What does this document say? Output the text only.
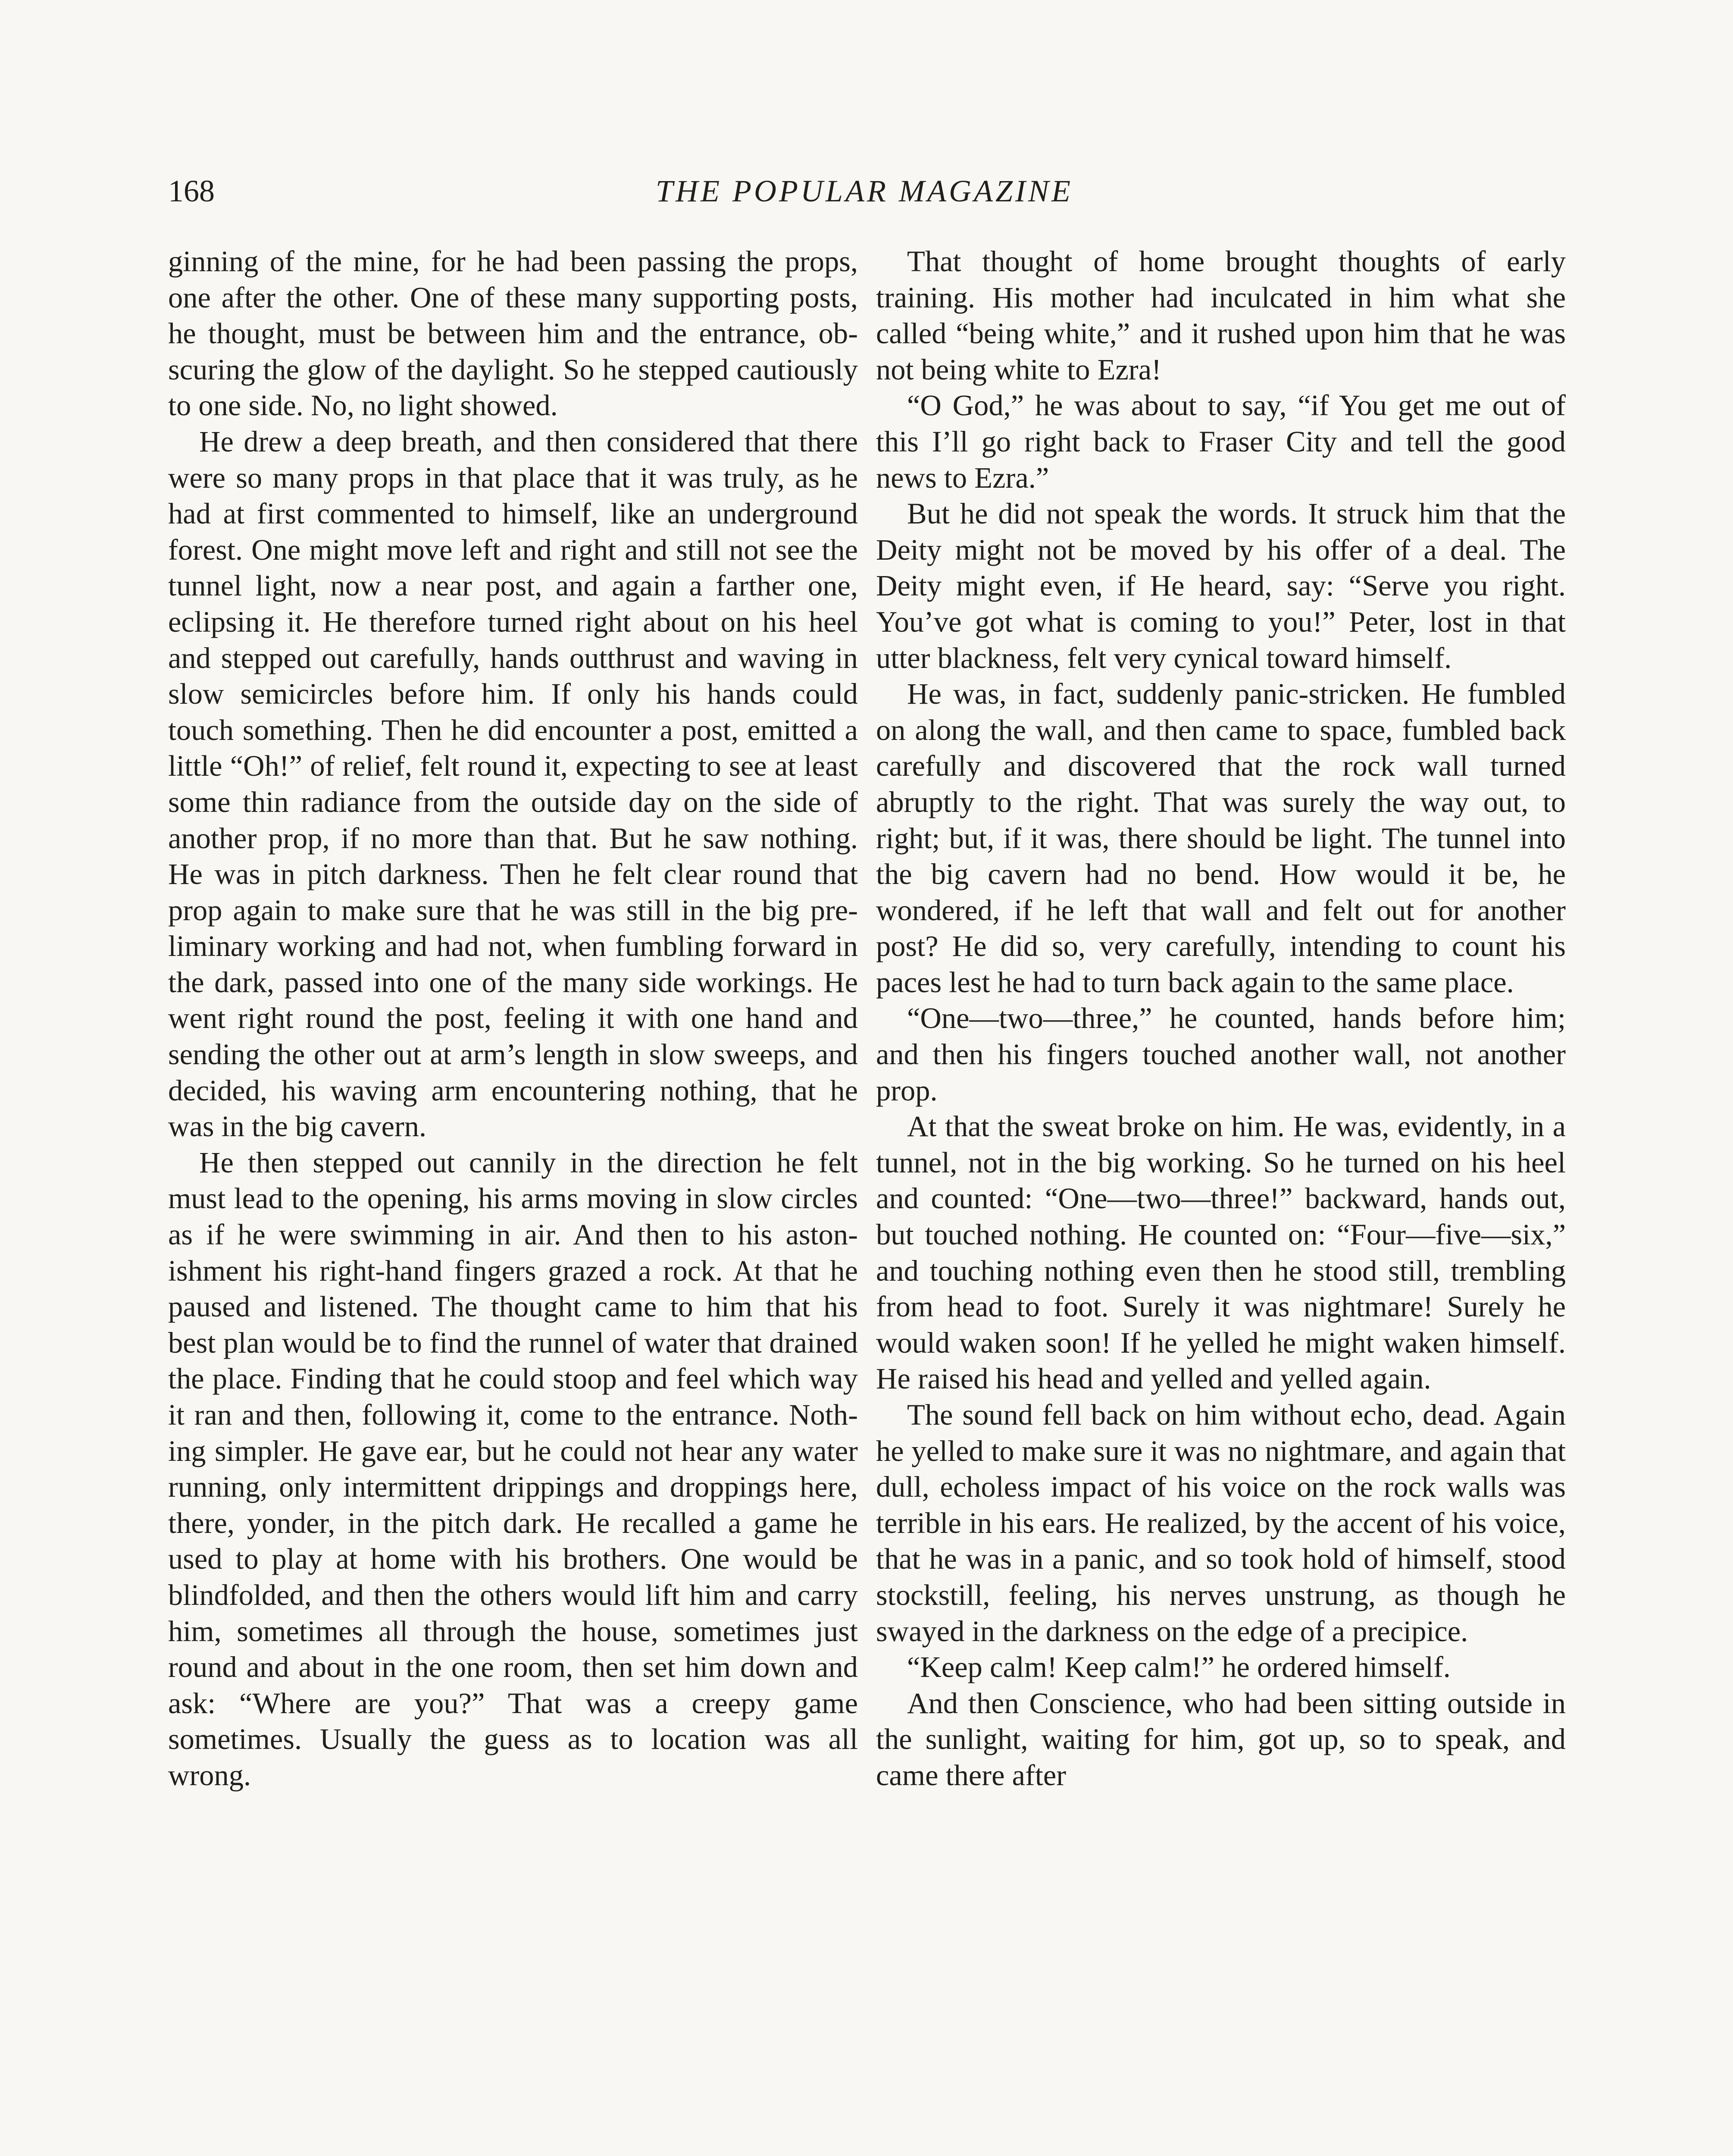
168	THE POPULAR MAGAZINE

ginning of the mine, for he had been passing the props, one after the other. One of these many supporting posts, he thought, must be between him and the entrance, obscuring the glow of the daylight. So he stepped cautiously to one side. No, no light showed.

He drew a deep breath, and then considered that there were so many props in that place that it was truly, as he had at first commented to himself, like an underground forest. One might move left and right and still not see the tunnel light, now a near post, and again a farther one, eclipsing it. He therefore turned right about on his heel and stepped out carefully, hands outthrust and waving in slow semicircles before him. If only his hands could touch something. Then he did encounter a post, emitted a little “Oh!” of relief, felt round it, expecting to see at least some thin radiance from the outside day on the side of another prop, if no more than that. But he saw nothing. He was in pitch darkness. Then he felt clear round that prop again to make sure that he was still in the big preliminary working and had not, when fumbling forward in the dark, passed into one of the many side workings. He went right round the post, feeling it with one hand and sending the other out at arm’s length in slow sweeps, and decided, his waving arm encountering nothing, that he was in the big cavern.

He then stepped out cannily in the direction he felt must lead to the opening, his arms moving in slow circles as if he were swimming in air. And then to his astonishment his right-hand fingers grazed a rock. At that he paused and listened. The thought came to him that his best plan would be to find the runnel of water that drained the place. Finding that he could stoop and feel which way it ran and then, following it, come to the entrance. Nothing simpler. He gave ear, but he could not hear any water running, only intermittent drippings and droppings here, there, yonder, in the pitch dark. He recalled a game he used to play at home with his brothers. One would be blindfolded, and then the others would lift him and carry him, sometimes all through the house, sometimes just round and about in the one room, then set him down and ask: “Where are you?” That was a creepy game sometimes. Usually the guess as to location was all wrong.

That thought of home brought thoughts of early training. His mother had inculcated in him what she called “being white,” and it rushed upon him that he was not being white to Ezra!

“O God,” he was about to say, “if You get me out of this I’ll go right back to Fraser City and tell the good news to Ezra.”

But he did not speak the words. It struck him that the Deity might not be moved by his offer of a deal. The Deity might even, if He heard, say: “Serve you right. You’ve got what is coming to you!” Peter, lost in that utter blackness, felt very cynical toward himself.

He was, in fact, suddenly panic-stricken. He fumbled on along the wall, and then came to space, fumbled back carefully and discovered that the rock wall turned abruptly to the right. That was surely the way out, to right; but, if it was, there should be light. The tunnel into the big cavern had no bend. How would it be, he wondered, if he left that wall and felt out for another post? He did so, very carefully, intending to count his paces lest he had to turn back again to the same place.

“One—two—three,” he counted, hands before him; and then his fingers touched another wall, not another prop.

At that the sweat broke on him. He was, evidently, in a tunnel, not in the big working. So he turned on his heel and counted: “One—two—three!” backward, hands out, but touched nothing. He counted on: “Four—five—six,” and touching nothing even then he stood still, trembling from head to foot. Surely it was nightmare! Surely he would waken soon! If he yelled he might waken himself. He raised his head and yelled and yelled again.

The sound fell back on him without echo, dead. Again he yelled to make sure it was no nightmare, and again that dull, echoless impact of his voice on the rock walls was terrible in his ears. He realized, by the accent of his voice, that he was in a panic, and so took hold of himself, stood stockstill, feeling, his nerves unstrung, as though he swayed in the darkness on the edge of a precipice.

“Keep calm! Keep calm!” he ordered himself.

And then Conscience, who had been sitting outside in the sunlight, waiting for him, got up, so to speak, and came there after
